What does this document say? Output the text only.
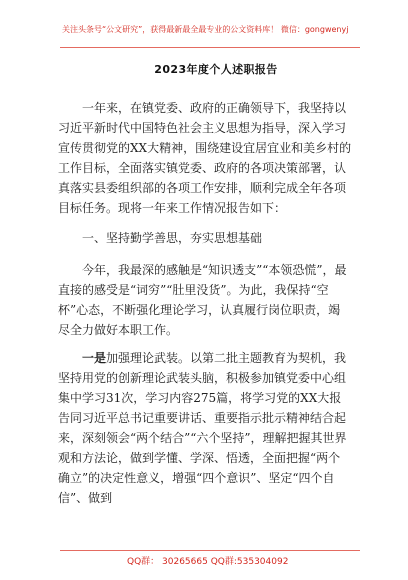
关注头条号“公文研究”，获得最新最全最专业的公文资料库！ 微信：gongwenyj
2023年度个人述职报告

一年来，在镇党委、政府的正确领导下，我坚持以习近平新时代中国特色社会主义思想为指导，深入学习宣传贯彻党的XX大精神，围绕建设宜居宜业和美乡村的工作目标，全面落实镇党委、政府的各项决策部署，认真落实县委组织部的各项工作安排，顺利完成全年各项目标任务。现将一年来工作情况报告如下：

一、坚持勤学善思，夯实思想基础

今年，我最深的感触是“知识透支”“本领恐慌”，最直接的感受是“词穷”“肚里没货”。为此，我保持“空杯”心态，不断强化理论学习，认真履行岗位职责，竭尽全力做好本职工作。

一是加强理论武装。以第二批主题教育为契机，我坚持用党的创新理论武装头脑，积极参加镇党委中心组集中学习31次，学习内容275篇，将学习党的XX大报告同习近平总书记重要讲话、重要指示批示精神结合起来，深刻领会“两个结合”“六个坚持”，理解把握其世界观和方法论，做到学懂、学深、悟透，全面把握“两个确立”的决定性意义，增强“四个意识”、坚定“四个自信”、做到

QQ群： 30265665 QQ群:535304092
